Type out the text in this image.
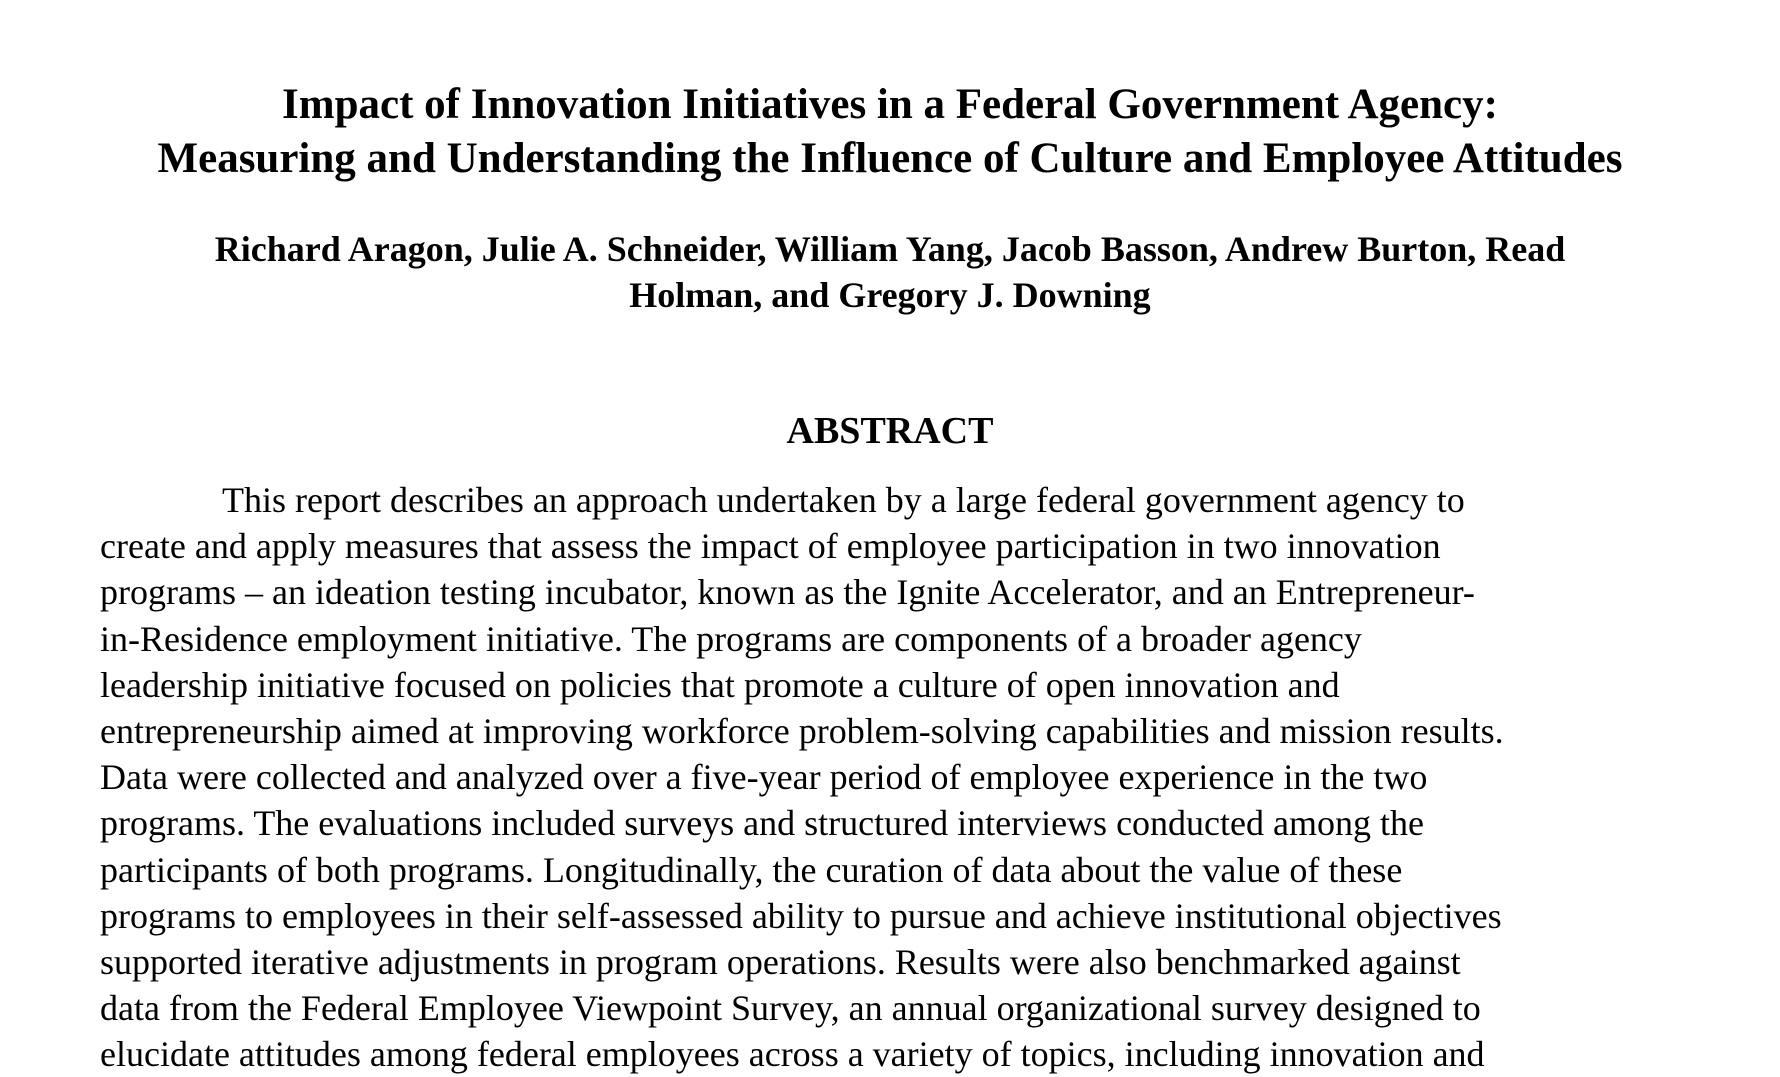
Impact of Innovation Initiatives in a Federal Government Agency:
Measuring and Understanding the Influence of Culture and Employee Attitudes
Richard Aragon, Julie A. Schneider, William Yang, Jacob Basson, Andrew Burton, Read
Holman, and Gregory J. Downing
ABSTRACT
This report describes an approach undertaken by a large federal government agency to
create and apply measures that assess the impact of employee participation in two innovation
programs – an ideation testing incubator, known as the Ignite Accelerator, and an Entrepreneur-
in-Residence employment initiative. The programs are components of a broader agency
leadership initiative focused on policies that promote a culture of open innovation and
entrepreneurship aimed at improving workforce problem-solving capabilities and mission results.
Data were collected and analyzed over a five-year period of employee experience in the two
programs. The evaluations included surveys and structured interviews conducted among the
participants of both programs. Longitudinally, the curation of data about the value of these
programs to employees in their self-assessed ability to pursue and achieve institutional objectives
supported iterative adjustments in program operations. Results were also benchmarked against
data from the Federal Employee Viewpoint Survey, an annual organizational survey designed to
elucidate attitudes among federal employees across a variety of topics, including innovation and
